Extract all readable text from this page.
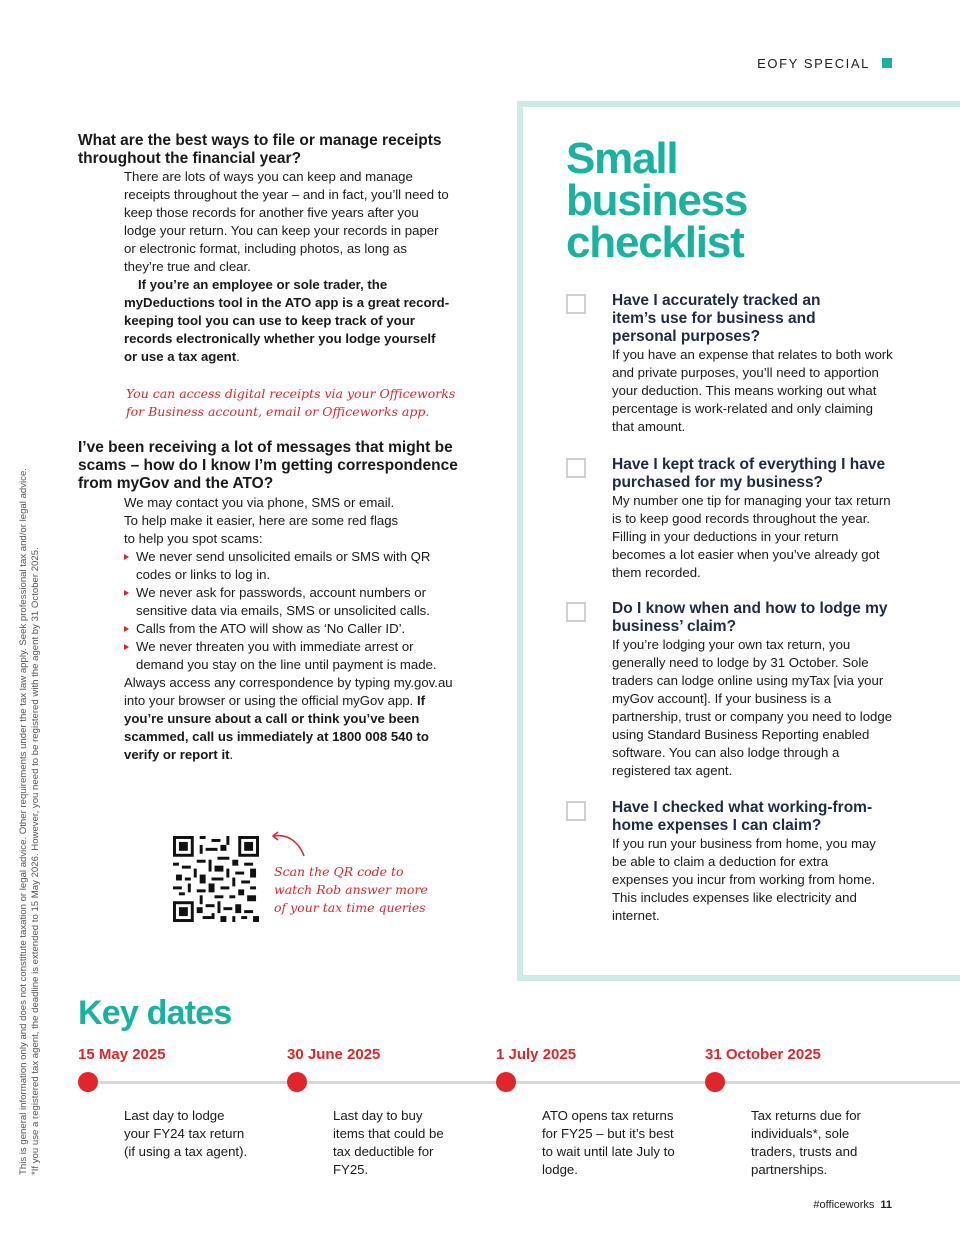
EOFY SPECIAL
This is general information only and does not constitute taxation or legal advice. Other requirements under the tax law apply. Seek professional tax and/or legal advice. *If you use a registered tax agent, the deadline is extended to 15 May 2026. However, you need to be registered with the agent by 31 October 2025.
What are the best ways to file or manage receipts throughout the financial year?

There are lots of ways you can keep and manage receipts throughout the year – and in fact, you’ll need to keep those records for another five years after you lodge your return. You can keep your records in paper or electronic format, including photos, as long as they’re true and clear.

If you’re an employee or sole trader, the myDeductions tool in the ATO app is a great record-keeping tool you can use to keep track of your records electronically whether you lodge yourself or use a tax agent.

You can access digital receipts via your Officeworks for Business account, email or Officeworks app.
I’ve been receiving a lot of messages that might be scams – how do I know I’m getting correspondence from myGov and the ATO?

We may contact you via phone, SMS or email. To help make it easier, here are some red flags to help you spot scams:

We never send unsolicited emails or SMS with QR codes or links to log in.
We never ask for passwords, account numbers or sensitive data via emails, SMS or unsolicited calls.
Calls from the ATO will show as ‘No Caller ID’.
We never threaten you with immediate arrest or demand you stay on the line until payment is made.

Always access any correspondence by typing my.gov.au into your browser or using the official myGov app. If you’re unsure about a call or think you’ve been scammed, call us immediately at 1800 008 540 to verify or report it.

Scan the QR code to watch Rob answer more of your tax time queries
Small
business
checklist
Have I accurately tracked an item’s use for business and personal purposes?
If you have an expense that relates to both work and private purposes, you’ll need to apportion your deduction. This means working out what percentage is work-related and only claiming that amount.
Have I kept track of everything I have purchased for my business?
My number one tip for managing your tax return is to keep good records throughout the year. Filling in your deductions in your return becomes a lot easier when you’ve already got them recorded.
Do I know when and how to lodge my business’ claim?
If you’re lodging your own tax return, you generally need to lodge by 31 October. Sole traders can lodge online using myTax [via your myGov account]. If your business is a partnership, trust or company you need to lodge using Standard Business Reporting enabled software. You can also lodge through a registered tax agent.
Have I checked what working-from-home expenses I can claim?
If you run your business from home, you may be able to claim a deduction for extra expenses you incur from working from home. This includes expenses like electricity and internet.
Key dates
15 May 2025
Last day to lodge your FY24 tax return (if using a tax agent).
30 June 2025
Last day to buy items that could be tax deductible for FY25.
1 July 2025
ATO opens tax returns for FY25 – but it’s best to wait until late July to lodge.
31 October 2025
Tax returns due for individuals*, sole traders, trusts and partnerships.
#officeworks 11
